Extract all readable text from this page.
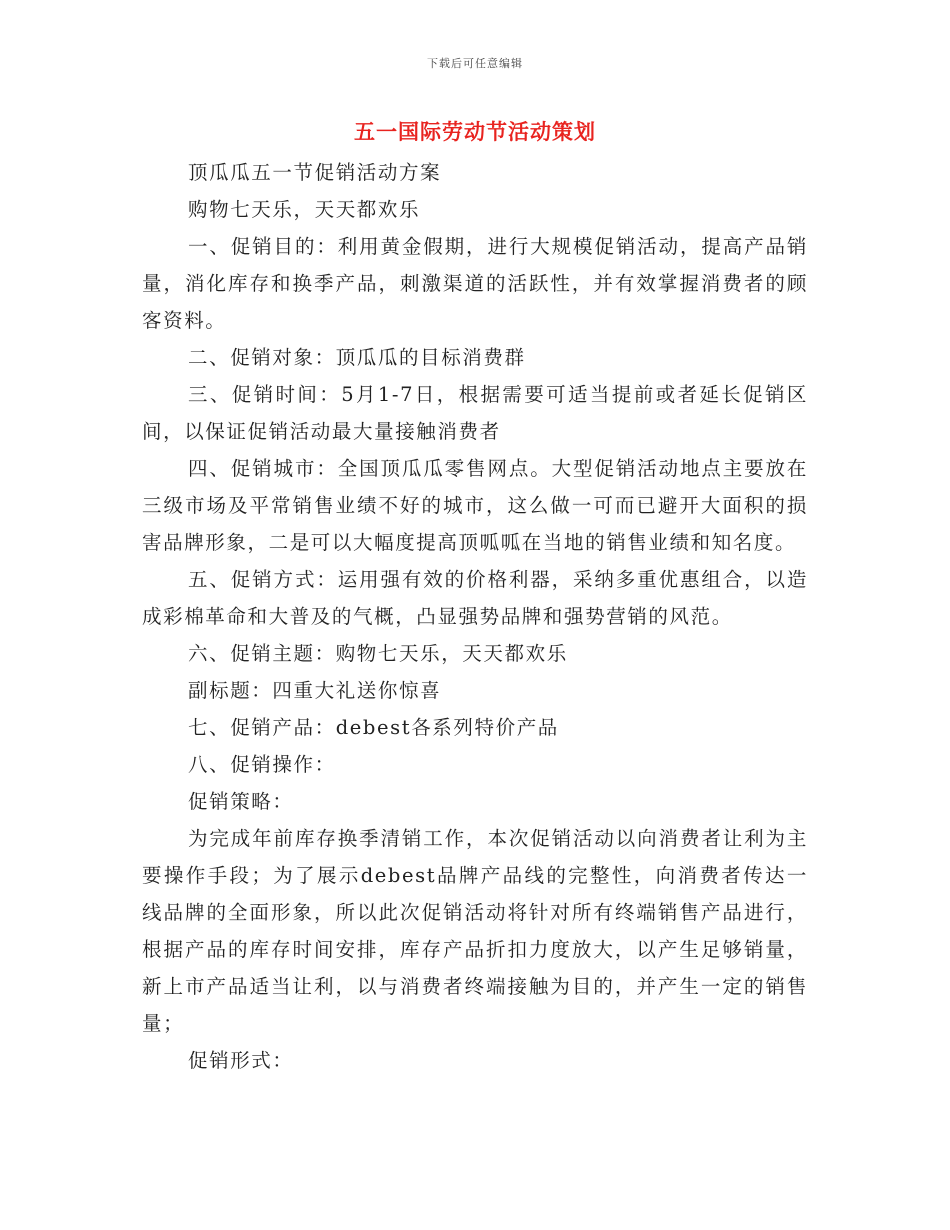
下载后可任意编辑
五一国际劳动节活动策划

顶瓜瓜五一节促销活动方案

购物七天乐，天天都欢乐

一、促销目的：利用黄金假期，进行大规模促销活动，提高产品销量，消化库存和换季产品，刺激渠道的活跃性，并有效掌握消费者的顾客资料。

二、促销对象：顶瓜瓜的目标消费群

三、促销时间：5月1-7日，根据需要可适当提前或者延长促销区间，以保证促销活动最大量接触消费者

四、促销城市：全国顶瓜瓜零售网点。大型促销活动地点主要放在三级市场及平常销售业绩不好的城市，这么做一可而已避开大面积的损害品牌形象，二是可以大幅度提高顶呱呱在当地的销售业绩和知名度。

五、促销方式：运用强有效的价格利器，采纳多重优惠组合，以造成彩棉革命和大普及的气概，凸显强势品牌和强势营销的风范。

六、促销主题：购物七天乐，天天都欢乐

副标题：四重大礼送你惊喜

七、促销产品：debest各系列特价产品

八、促销操作：

促销策略：

为完成年前库存换季清销工作，本次促销活动以向消费者让利为主要操作手段；为了展示debest品牌产品线的完整性，向消费者传达一线品牌的全面形象，所以此次促销活动将针对所有终端销售产品进行，根据产品的库存时间安排，库存产品折扣力度放大，以产生足够销量，新上市产品适当让利，以与消费者终端接触为目的，并产生一定的销售量；

促销形式：
